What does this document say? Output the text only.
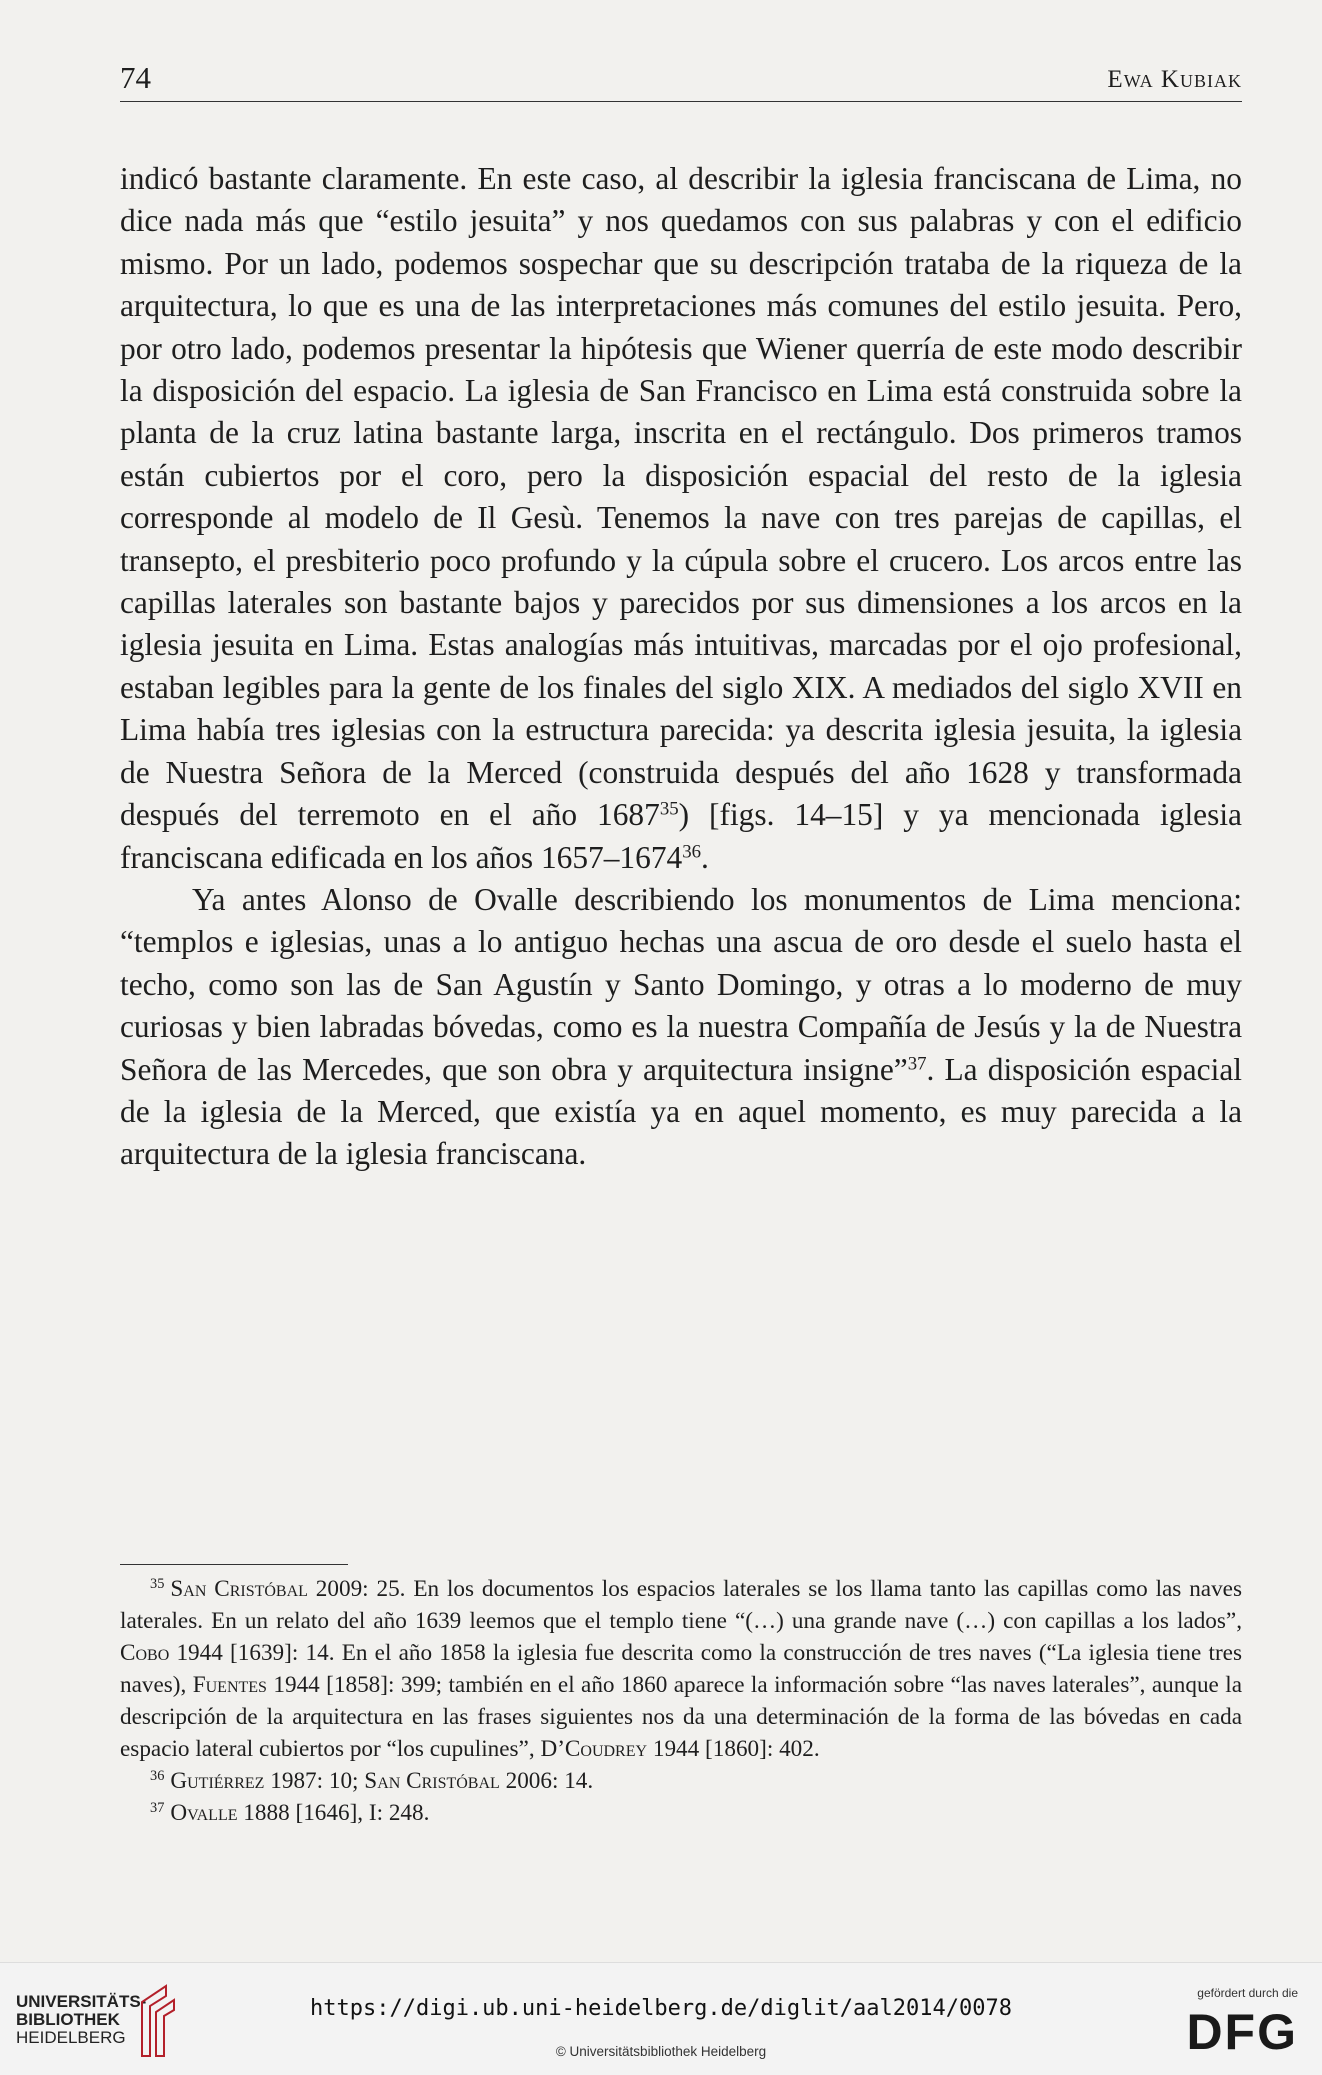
74	Ewa Kubiak

indicó bastante claramente. En este caso, al describir la iglesia franciscana de Lima, no dice nada más que “estilo jesuita” y nos quedamos con sus palabras y con el edificio mismo. Por un lado, podemos sospechar que su descripción trataba de la riqueza de la arquitectura, lo que es una de las interpretaciones más comunes del estilo jesuita. Pero, por otro lado, podemos presentar la hipótesis que Wiener querría de este modo describir la disposición del espacio. La iglesia de San Francisco en Lima está construida sobre la planta de la cruz latina bastante larga, inscrita en el rectángulo. Dos primeros tramos están cubiertos por el coro, pero la disposición espacial del resto de la iglesia corresponde al modelo de Il Gesù. Tenemos la nave con tres parejas de capillas, el transepto, el presbiterio poco profundo y la cúpula sobre el crucero. Los arcos entre las capillas laterales son bastante bajos y parecidos por sus dimensiones a los arcos en la iglesia jesuita en Lima. Estas analogías más intuitivas, marcadas por el ojo profesional, estaban legibles para la gente de los finales del siglo XIX. A mediados del siglo XVII en Lima había tres iglesias con la estructura parecida: ya descrita iglesia jesuita, la iglesia de Nuestra Señora de la Merced (construida después del año 1628 y transformada después del terremoto en el año 1687$^{35}$) [figs. 14–15] y ya mencionada iglesia franciscana edificada en los años 1657–1674$^{36}$.

Ya antes Alonso de Ovalle describiendo los monumentos de Lima menciona: “templos e iglesias, unas a lo antiguo hechas una ascua de oro desde el suelo hasta el techo, como son las de San Agustín y Santo Domingo, y otras a lo moderno de muy curiosas y bien labradas bóvedas, como es la nuestra Compañía de Jesús y la de Nuestra Señora de las Mercedes, que son obra y arquitectura insigne”$^{37}$. La disposición espacial de la iglesia de la Merced, que existía ya en aquel momento, es muy parecida a la arquitectura de la iglesia franciscana.

$^{35}$ San Cristóbal 2009: 25. En los documentos los espacios laterales se los llama tanto las capillas como las naves laterales. En un relato del año 1639 leemos que el templo tiene “(…) una grande nave (…) con capillas a los lados”, Cobo 1944 [1639]: 14. En el año 1858 la iglesia fue descrita como la construcción de tres naves (“La iglesia tiene tres naves), Fuentes 1944 [1858]: 399; también en el año 1860 aparece la información sobre “las naves laterales”, aunque la descripción de la arquitectura en las frases siguientes nos da una determinación de la forma de las bóvedas en cada espacio lateral cubiertos por “los cupulines”, D’Coudrey 1944 [1860]: 402.

$^{36}$ Gutiérrez 1987: 10; San Cristóbal 2006: 14.

$^{37}$ Ovalle 1888 [1646], I: 248.

UNIVERSITÄTS-
BIBLIOTHEK
HEIDELBERG
https://digi.ub.uni-heidelberg.de/diglit/aal2014/0078
© Universitätsbibliothek Heidelberg
gefördert durch die
DFG
